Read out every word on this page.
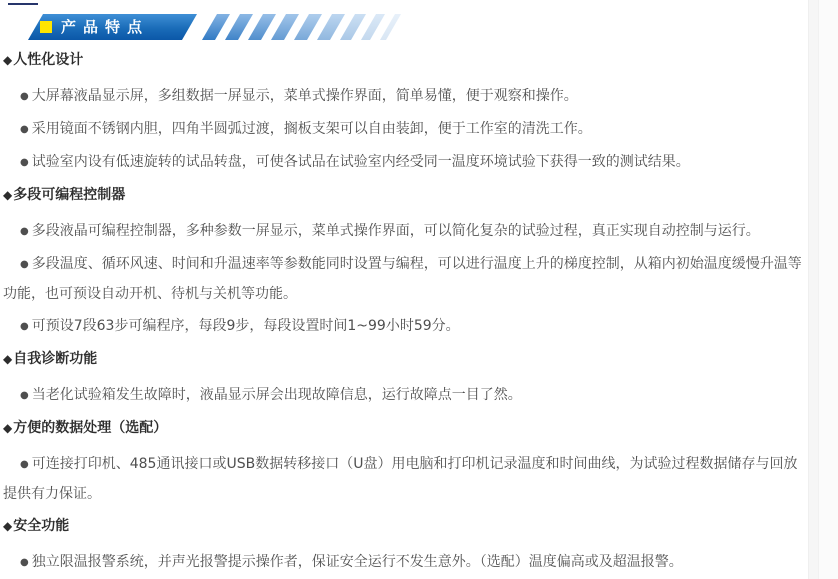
产品特点
◆人性化设计

● 大屏幕液晶显示屏，多组数据一屏显示，菜单式操作界面，简单易懂，便于观察和操作。

● 采用镜面不锈钢内胆，四角半圆弧过渡，搁板支架可以自由装卸，便于工作室的清洗工作。

● 试验室内设有低速旋转的试品转盘，可使各试品在试验室内经受同一温度环境试验下获得一致的测试结果。

◆多段可编程控制器

● 多段液晶可编程控制器，多种参数一屏显示，菜单式操作界面，可以简化复杂的试验过程，真正实现自动控制与运行。

● 多段温度、循环风速、时间和升温速率等参数能同时设置与编程，可以进行温度上升的梯度控制，从箱内初始温度缓慢升温等功能，也可预设自动开机、待机与关机等功能。

● 可预设7段63步可编程序，每段9步，每段设置时间1~99小时59分。

◆自我诊断功能

● 当老化试验箱发生故障时，液晶显示屏会出现故障信息，运行故障点一目了然。

◆方便的数据处理（选配）

● 可连接打印机、485通讯接口或USB数据转移接口（U盘）用电脑和打印机记录温度和时间曲线，为试验过程数据储存与回放提供有力保证。

◆安全功能

● 独立限温报警系统，并声光报警提示操作者，保证安全运行不发生意外。（选配）温度偏高或及超温报警。
